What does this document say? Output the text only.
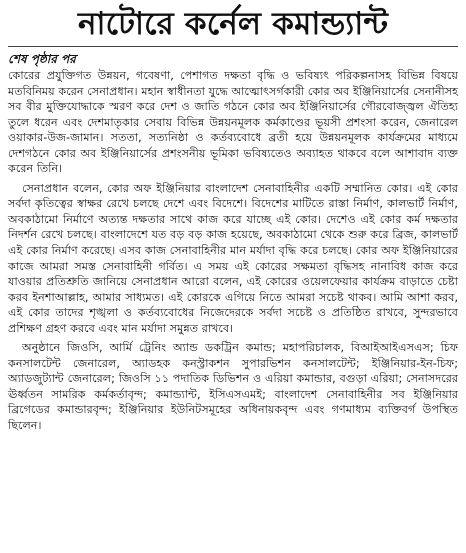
নাটোরে কর্নেল কমান্ড্যান্ট
শেষ পৃষ্ঠার পর

কোরের প্রযুক্তিগত উন্নয়ন, গবেষণা, পেশাগত দক্ষতা বৃদ্ধি ও ভবিষ্যৎ পরিকল্পনাসহ বিভিন্ন বিষয়ে মতবিনিময় করেন সেনাপ্রধান। মহান স্বাধীনতা যুদ্ধে আত্মোৎসর্গকারী কোর অব ইঞ্জিনিয়ার্সের সেনানীসহ সব বীর মুক্তিযোদ্ধাকে স্মরণ করে দেশ ও জাতি গঠনে কোর অব ইঞ্জিনিয়ার্সের গৌরবোজ্জ্বল ঐতিহ্য তুলে ধরেন এবং দেশমাতৃকার সেবায় বিভিন্ন উন্নয়নমূলক কর্মকাণ্ডের ভূয়সী প্রশংসা করেন, জেনারেল ওয়াকার-উজ-জামান। সততা, সত্যনিষ্ঠা ও কর্তব্যবোধে ব্রতী হয়ে উন্নয়নমূলক কার্যক্রমের মাধ্যমে দেশগঠনে কোর অব ইঞ্জিনিয়ার্সের প্রশংসনীয় ভূমিকা ভবিষ্যতেও অব্যাহত থাকবে বলে আশাবাদ ব্যক্ত করেন তিনি।

সেনাপ্রধান বলেন, কোর অফ ইঞ্জিনিয়ার বাংলাদেশ সেনাবাহিনীর একটি সম্মানিত কোর। এই কোর সর্বদা কৃতিত্বের স্বাক্ষর রেখে চলছে দেশে এবং বিদেশে। বিদেশের মাটিতে রাস্তা নির্মাণ, কালভার্ট নির্মাণ, অবকাঠামো নির্মাণে অত্যন্ত দক্ষতার সাথে কাজ করে যাচ্ছে এই কোর। দেশেও এই কোর কর্ম দক্ষতার নিদর্শন রেখে চলছে। বাংলাদেশে যত বড় বড় কাজ হয়েছে, অবকাঠামো থেকে শুরু করে ব্রিজ, কালভার্ট এই কোর নির্মাণ করেছে। এসব কাজ সেনাবাহিনীর মান মর্যাদা বৃদ্ধি করে চলছে। কোর অফ ইঞ্জিনিয়ারের কাজে আমরা সমস্ত সেনাবাহিনী গর্বিত। এ সময় এই কোরের সক্ষমতা বৃদ্ধিসহ নানাবিধ কাজ করে যাওয়ার প্রতিশ্রুতি জানিয়ে সেনাপ্রধান আরো বলেন, এই কোরের ওয়েলফেয়ার কার্যক্রম বাড়াতে চেষ্টা করব ইনশাআল্লাহ, আমার সাধ্যমত। এই কোরকে এগিয়ে নিতে আমরা সচেষ্ট থাকব। আমি আশা করব, এই কোর তাদের শৃঙ্খলা ও কর্তব্যবোধের নিজেদেরকে সর্বদা সচেষ্ট ও প্রতিষ্ঠিত রাখবে, সুন্দরভাবে প্রশিক্ষণ গ্রহণ করবে এবং মান মর্যাদা সমুন্নত রাখবে।

অনুষ্ঠানে জিওসি, আর্মি ট্রেনিং অ্যান্ড ডকট্রিন কমান্ড; মহাপরিচালক, বিআইআইএসএস; চিফ কনসালটেন্ট জেনারেল, অ্যাডহক কনস্ট্রাকশন সুপারভিশন কনসালটেন্ট; ইঞ্জিনিয়ার-ইন-চিফ; অ্যাডজুট্যান্ট জেনারেল; জিওসি ১১ পদাতিক ডিভিশন ও এরিয়া কমান্ডার, বগুড়া এরিয়া; সেনাসদরের ঊর্ধ্বতন সামরিক কর্মকর্তাবৃন্দ; কমান্ড্যান্ট, ইসিএসএমই; বাংলাদেশ সেনাবাহিনীর সব ইঞ্জিনিয়ার ব্রিগেডের কমান্ডারবৃন্দ; ইঞ্জিনিয়ার ইউনিটসমূহের অধিনায়কবৃন্দ এবং গণমাধ্যম ব্যক্তিবর্গ উপস্থিত ছিলেন।
